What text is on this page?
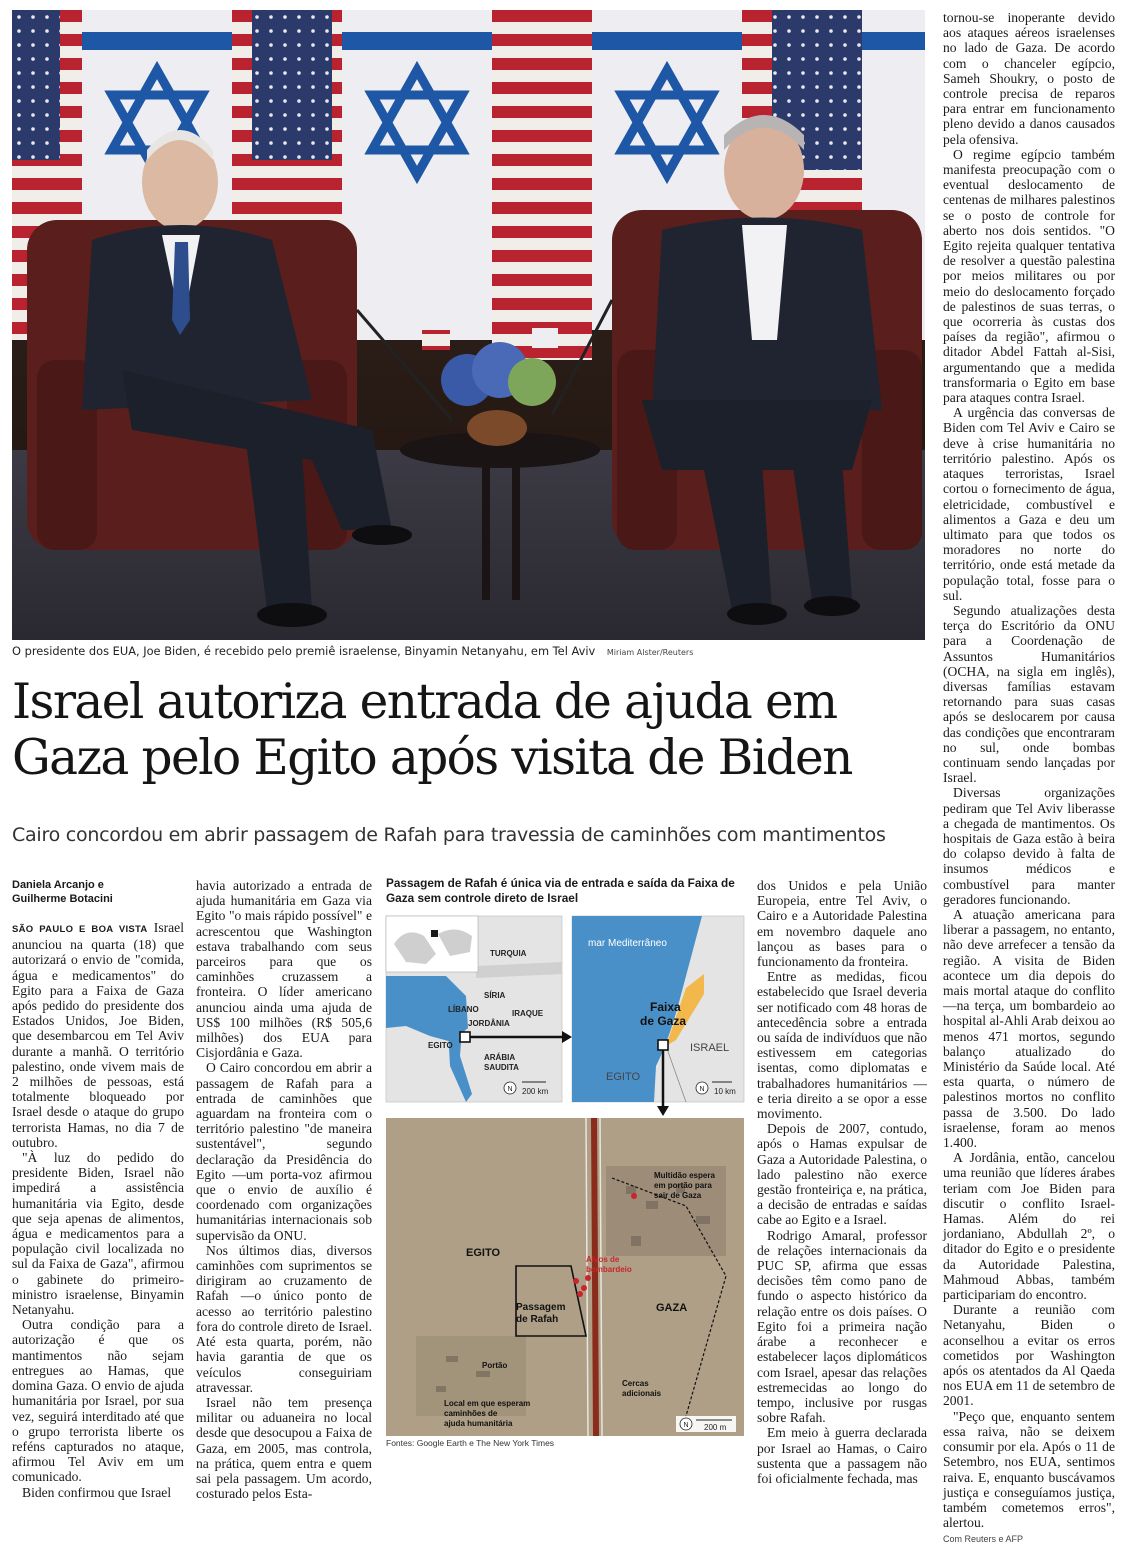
O presidente dos EUA, Joe Biden, é recebido pelo premiê israelense, Binyamin Netanyahu, em Tel Aviv Miriam Alster/Reuters
Israel autoriza entrada de ajuda em
Gaza pelo Egito após visita de Biden
Cairo concordou em abrir passagem de Rafah para travessia de caminhões com mantimentos
Daniela Arcanjo e
Guilherme Botacini

SÃO PAULO E BOA VISTA Israel anunciou na quarta (18) que autorizará o envio de "comida, água e medicamentos" do Egito para a Faixa de Gaza após pedido do presidente dos Estados Unidos, Joe Biden, que desembarcou em Tel Aviv durante a manhã. O território palestino, onde vivem mais de 2 milhões de pessoas, está totalmente bloqueado por Israel desde o ataque do grupo terrorista Hamas, no dia 7 de outubro.

"À luz do pedido do presidente Biden, Israel não impedirá a assistência humanitária via Egito, desde que seja apenas de alimentos, água e medicamentos para a população civil localizada no sul da Faixa de Gaza", afirmou o gabinete do primeiro-ministro israelense, Binyamin Netanyahu.

Outra condição para a autorização é que os mantimentos não sejam entregues ao Hamas, que domina Gaza. O envio de ajuda humanitária por Israel, por sua vez, seguirá interditado até que o grupo terrorista liberte os reféns capturados no ataque, afirmou Tel Aviv em um comunicado.

Biden confirmou que Israel

havia autorizado a entrada de ajuda humanitária em Gaza via Egito "o mais rápido possível" e acrescentou que Washington estava trabalhando com seus parceiros para que os caminhões cruzassem a fronteira. O líder americano anunciou ainda uma ajuda de US$ 100 milhões (R$ 505,6 milhões) dos EUA para Cisjordânia e Gaza.

O Cairo concordou em abrir a passagem de Rafah para a entrada de caminhões que aguardam na fronteira com o território palestino "de maneira sustentável", segundo declaração da Presidência do Egito —um porta-voz afirmou que o envio de auxílio é coordenado com organizações humanitárias internacionais sob supervisão da ONU.

Nos últimos dias, diversos caminhões com suprimentos se dirigiram ao cruzamento de Rafah —o único ponto de acesso ao território palestino fora do controle direto de Israel. Até esta quarta, porém, não havia garantia de que os veículos conseguiriam atravessar.

Israel não tem presença militar ou aduaneira no local desde que desocupou a Faixa de Gaza, em 2005, mas controla, na prática, quem entra e quem sai pela passagem. Um acordo, costurado pelos Esta-

Passagem de Rafah é única via de entrada e saída da Faixa de Gaza sem controle direto de Israel
TURQUIA
SÍRIA
LÍBANO	IRAQUE
JORDÂNIA
EGITO
ARÁBIA
SAUDITA
N 200 km
mar Mediterrâneo
Faixa
de Gaza
ISRAEL
EGITO
N 10 km
EGITO
GAZA
Multidão espera
em portão para
sair de Gaza
Alvos de
bombardeio
Passagem
de Rafah
Portão
Cercas
adicionais
Local em que esperam
caminhões de
ajuda humanitária	N 200 m
Fontes: Google Earth e The New York Times

dos Unidos e pela União Europeia, entre Tel Aviv, o Cairo e a Autoridade Palestina em novembro daquele ano lançou as bases para o funcionamento da fronteira.

Entre as medidas, ficou estabelecido que Israel deveria ser notificado com 48 horas de antecedência sobre a entrada ou saída de indivíduos que não estivessem em categorias isentas, como diplomatas e trabalhadores humanitários —e teria direito a se opor a esse movimento.

Depois de 2007, contudo, após o Hamas expulsar de Gaza a Autoridade Palestina, o lado palestino não exerce gestão fronteiriça e, na prática, a decisão de entradas e saídas cabe ao Egito e a Israel.

Rodrigo Amaral, professor de relações internacionais da PUC SP, afirma que essas decisões têm como pano de fundo o aspecto histórico da relação entre os dois países. O Egito foi a primeira nação árabe a reconhecer e estabelecer laços diplomáticos com Israel, apesar das relações estremecidas ao longo do tempo, inclusive por rusgas sobre Rafah.

Em meio à guerra declarada por Israel ao Hamas, o Cairo sustenta que a passagem não foi oficialmente fechada, mas

tornou-se inoperante devido aos ataques aéreos israelenses no lado de Gaza. De acordo com o chanceler egípcio, Sameh Shoukry, o posto de controle precisa de reparos para entrar em funcionamento pleno devido a danos causados pela ofensiva.

O regime egípcio também manifesta preocupação com o eventual deslocamento de centenas de milhares palestinos se o posto de controle for aberto nos dois sentidos. "O Egito rejeita qualquer tentativa de resolver a questão palestina por meios militares ou por meio do deslocamento forçado de palestinos de suas terras, o que ocorreria às custas dos países da região", afirmou o ditador Abdel Fattah al-Sisi, argumentando que a medida transformaria o Egito em base para ataques contra Israel.

A urgência das conversas de Biden com Tel Aviv e Cairo se deve à crise humanitária no território palestino. Após os ataques terroristas, Israel cortou o fornecimento de água, eletricidade, combustível e alimentos a Gaza e deu um ultimato para que todos os moradores no norte do território, onde está metade da população total, fosse para o sul.

Segundo atualizações desta terça do Escritório da ONU para a Coordenação de Assuntos Humanitários (OCHA, na sigla em inglês), diversas famílias estavam retornando para suas casas após se deslocarem por causa das condições que encontraram no sul, onde bombas continuam sendo lançadas por Israel.

Diversas organizações pediram que Tel Aviv liberasse a chegada de mantimentos. Os hospitais de Gaza estão à beira do colapso devido à falta de insumos médicos e combustível para manter geradores funcionando.

A atuação americana para liberar a passagem, no entanto, não deve arrefecer a tensão da região. A visita de Biden acontece um dia depois do mais mortal ataque do conflito —na terça, um bombardeio ao hospital al-Ahli Arab deixou ao menos 471 mortos, segundo balanço atualizado do Ministério da Saúde local. Até esta quarta, o número de palestinos mortos no conflito passa de 3.500. Do lado israelense, foram ao menos 1.400.

A Jordânia, então, cancelou uma reunião que líderes árabes teriam com Joe Biden para discutir o conflito Israel-Hamas. Além do rei jordaniano, Abdullah 2º, o ditador do Egito e o presidente da Autoridade Palestina, Mahmoud Abbas, também participariam do encontro.

Durante a reunião com Netanyahu, Biden o aconselhou a evitar os erros cometidos por Washington após os atentados da Al Qaeda nos EUA em 11 de setembro de 2001.

"Peço que, enquanto sentem essa raiva, não se deixem consumir por ela. Após o 11 de Setembro, nos EUA, sentimos raiva. E, enquanto buscávamos justiça e conseguíamos justiça, também cometemos erros", alertou.

Com Reuters e AFP
